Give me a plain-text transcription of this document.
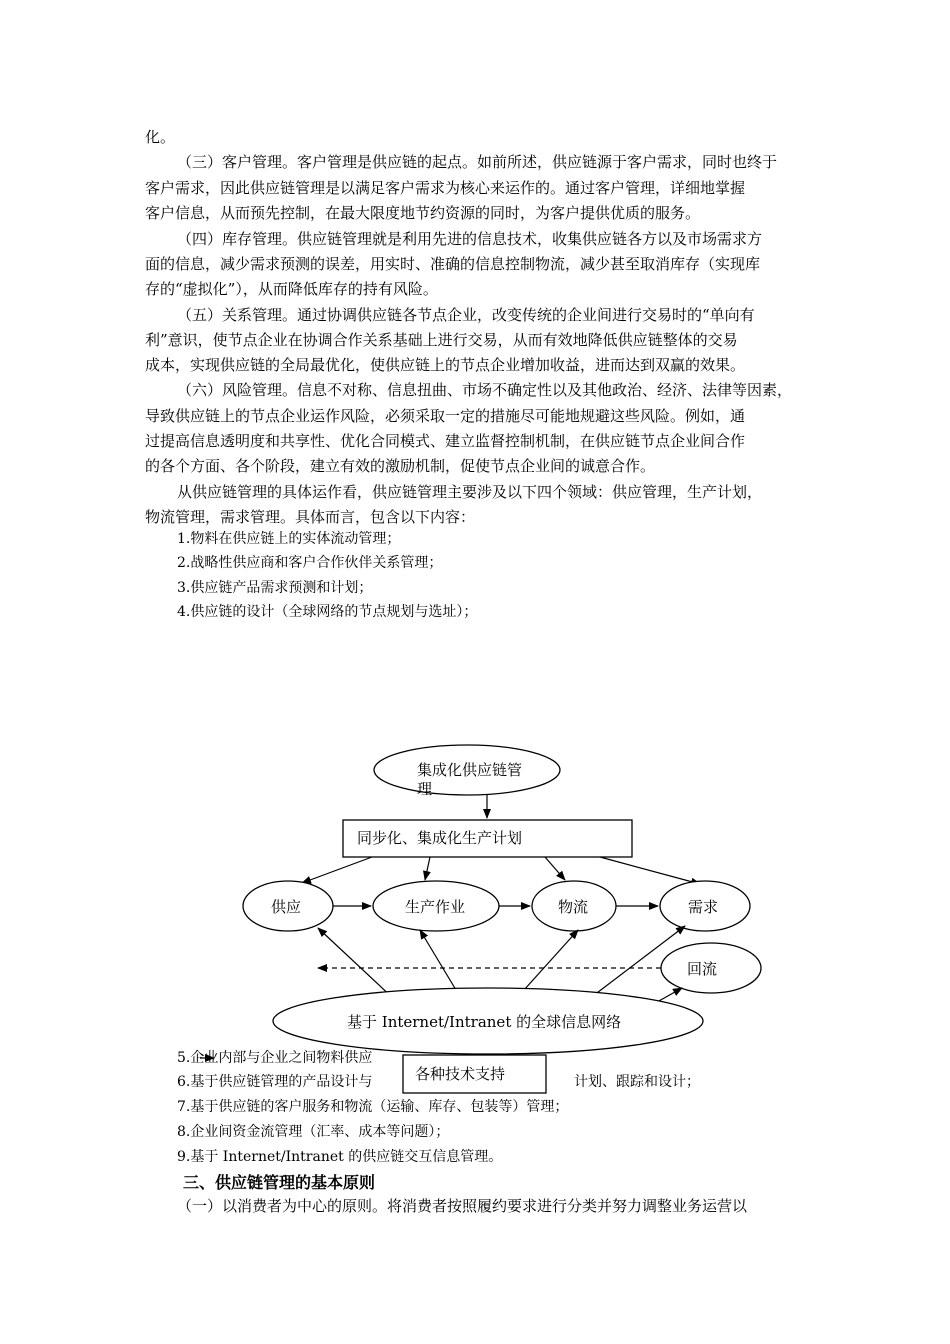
化。
（三）客户管理。客户管理是供应链的起点。如前所述，供应链源于客户需求，同时也终于
客户需求，因此供应链管理是以满足客户需求为核心来运作的。通过客户管理，详细地掌握
客户信息，从而预先控制，在最大限度地节约资源的同时，为客户提供优质的服务。
（四）库存管理。供应链管理就是利用先进的信息技术，收集供应链各方以及市场需求方
面的信息，减少需求预测的误差，用实时、准确的信息控制物流，减少甚至取消库存（实现库
存的“虚拟化”），从而降低库存的持有风险。
（五）关系管理。通过协调供应链各节点企业，改变传统的企业间进行交易时的“单向有
利”意识，使节点企业在协调合作关系基础上进行交易，从而有效地降低供应链整体的交易
成本，实现供应链的全局最优化，使供应链上的节点企业增加收益，进而达到双赢的效果。
（六）风险管理。信息不对称、信息扭曲、市场不确定性以及其他政治、经济、法律等因素，
导致供应链上的节点企业运作风险，必须采取一定的措施尽可能地规避这些风险。例如，通
过提高信息透明度和共享性、优化合同模式、建立监督控制机制，在供应链节点企业间合作
的各个方面、各个阶段，建立有效的激励机制，促使节点企业间的诚意合作。
从供应链管理的具体运作看，供应链管理主要涉及以下四个领域：供应管理，生产计划，
物流管理，需求管理。具体而言，包含以下内容：
1.物料在供应链上的实体流动管理；
2.战略性供应商和客户合作伙伴关系管理；
3.供应链产品需求预测和计划；
4.供应链的设计（全球网络的节点规划与选址）；
5.企业内部与企业之间物料供应
6.基于供应链管理的产品设计与	计划、跟踪和设计；
7.基于供应链的客户服务和物流（运输、库存、包装等）管理；
8.企业间资金流管理（汇率、成本等问题）；
9.基于 Internet/Intranet 的供应链交互信息管理。
集成化供应链管
理
同步化、集成化生产计划
供应	生产作业	物流	需求
回流
基于 Internet/Intranet 的全球信息网络
各种技术支持
三、供应链管理的基本原则
（一）以消费者为中心的原则。将消费者按照履约要求进行分类并努力调整业务运营以
